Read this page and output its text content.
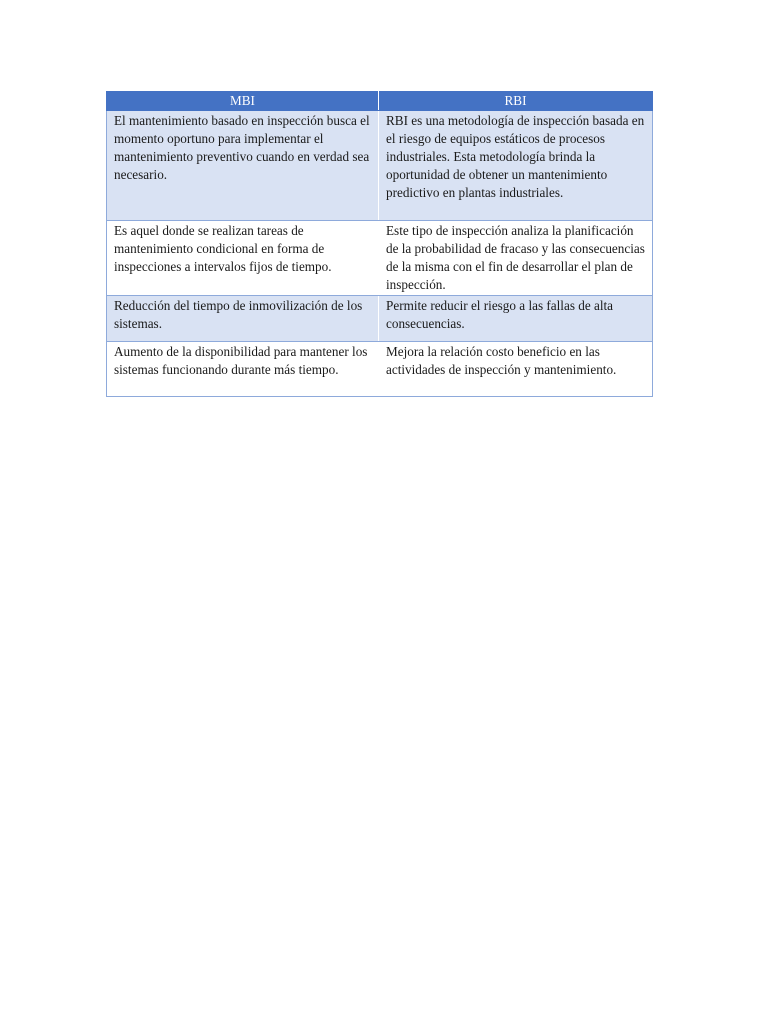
MBI	RBI
El mantenimiento basado en inspección busca el momento oportuno para implementar el mantenimiento preventivo cuando en verdad sea necesario.	RBI es una metodología de inspección basada en el riesgo de equipos estáticos de procesos industriales. Esta metodología brinda la oportunidad de obtener un mantenimiento predictivo en plantas industriales.
Es aquel donde se realizan tareas de mantenimiento condicional en forma de inspecciones a intervalos fijos de tiempo.	Este tipo de inspección analiza la planificación de la probabilidad de fracaso y las consecuencias de la misma con el fin de desarrollar el plan de inspección.
Reducción del tiempo de inmovilización de los sistemas.	Permite reducir el riesgo a las fallas de alta consecuencias.
Aumento de la disponibilidad para mantener los sistemas funcionando durante más tiempo.	Mejora la relación costo beneficio en las actividades de inspección y mantenimiento.
